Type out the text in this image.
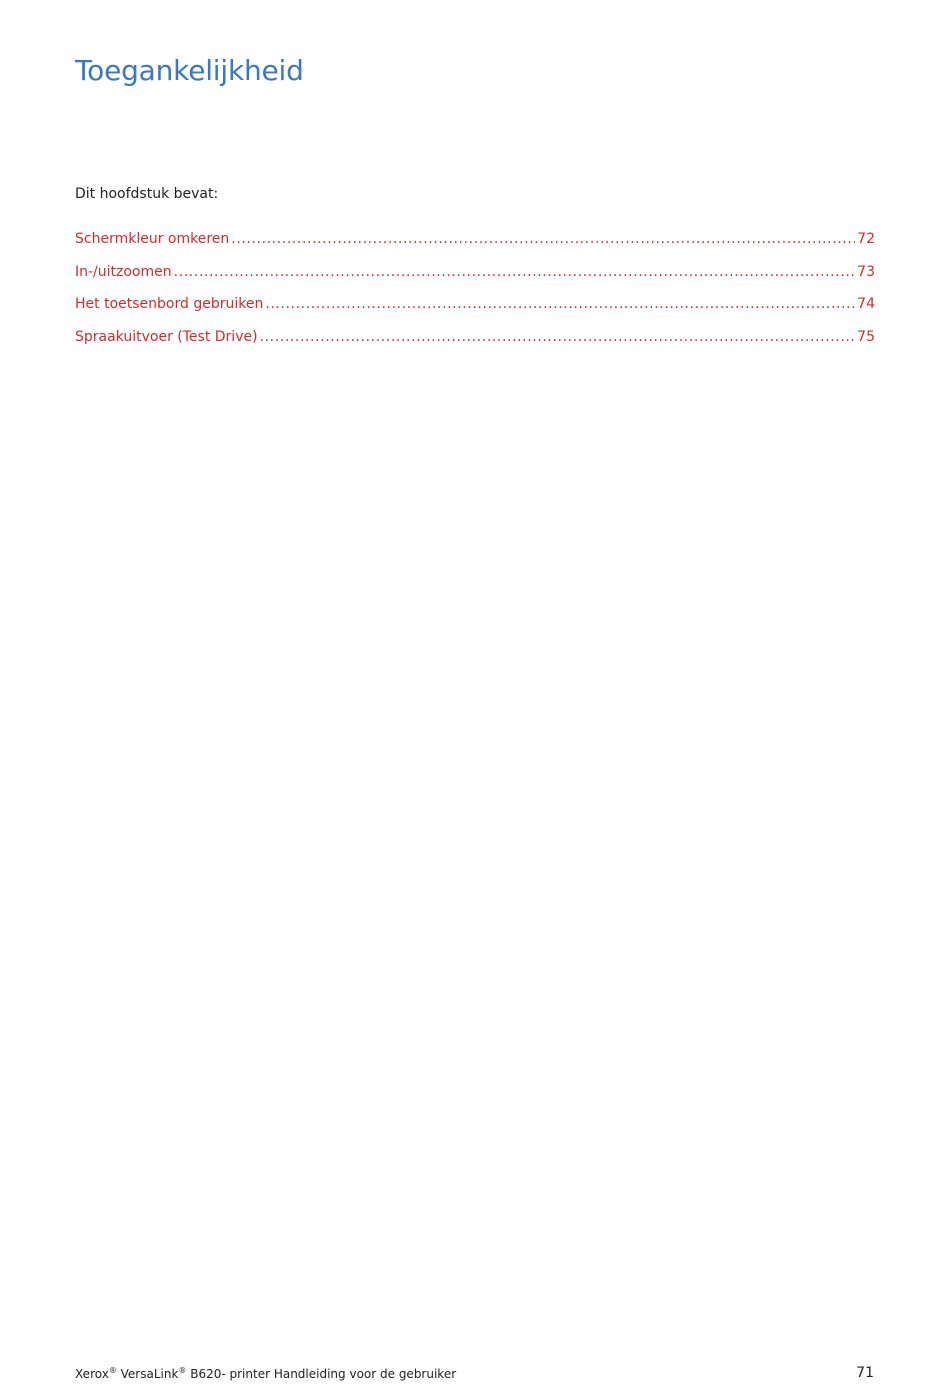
Toegankelijkheid
Dit hoofdstuk bevat:
Schermkleur omkeren .....	72
In-/uitzoomen .....	73
Het toetsenbord gebruiken .....	74
Spraakuitvoer (Test Drive) .....	75
Xerox® VersaLink® B620- printer Handleiding voor de gebruiker	71
